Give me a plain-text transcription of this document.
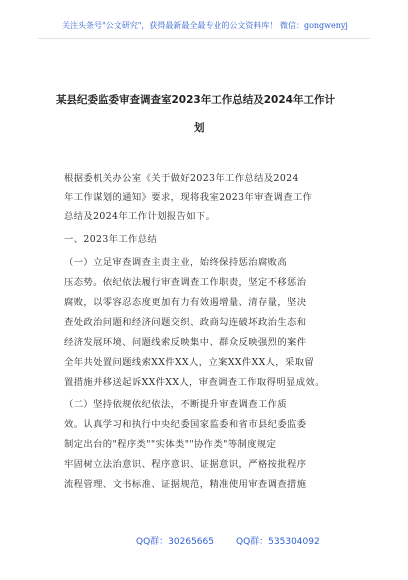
关注头条号"公文研究"，获得最新最全最专业的公文资料库！ 微信：gongwenyj
某县纪委监委审查调查室2023年工作总结及2024年工作计
划
根据委机关办公室《关于做好2023年工作总结及2024
年工作谋划的通知》要求，现将我室2023年审查调查工作
总结及2024年工作计划报告如下。
一、2023年工作总结
（一）立足审查调查主责主业，始终保持惩治腐败高
压态势。依纪依法履行审查调查工作职责，坚定不移惩治
腐败，以零容忍态度更加有力有效遏增量、清存量，坚决
查处政治问题和经济问题交织、政商勾连破坏政治生态和
经济发展环境、问题线索反映集中、群众反映强烈的案件
全年共处置问题线索XX件XX人，立案XX件XX人，采取留
置措施并移送起诉XX件XX人，审查调查工作取得明显成效。
（二）坚持依规依纪依法，不断提升审查调查工作质
效。认真学习和执行中央纪委国家监委和省市县纪委监委
制定出台的"程序类""实体类""协作类"等制度规定
牢固树立法治意识、程序意识、证据意识，严格按批程序
流程管理、文书标准、证据规范，精准使用审查调查措施
QQ群：30265665 QQ群：535304092
